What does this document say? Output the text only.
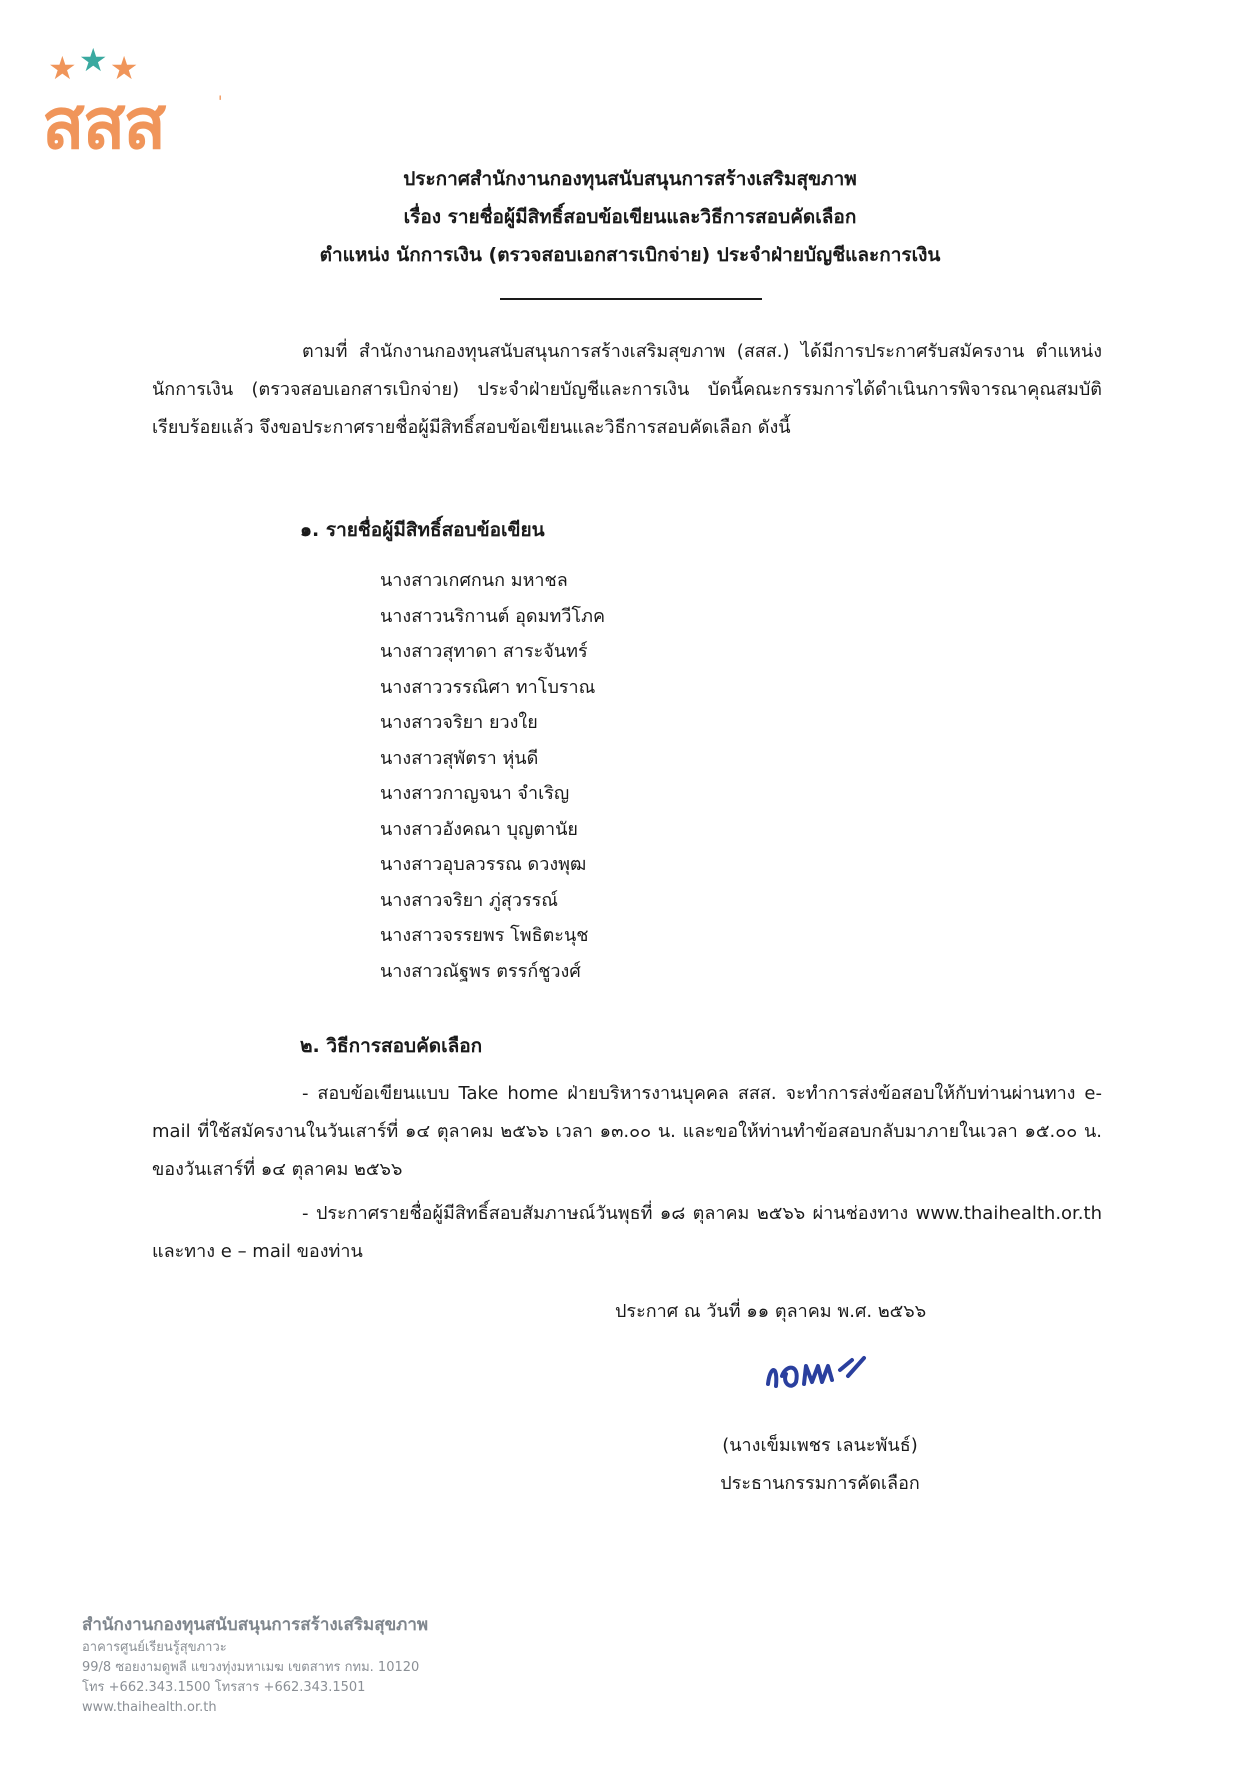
★ ★ ★
สสส	'
ประกาศสำนักงานกองทุนสนับสนุนการสร้างเสริมสุขภาพ
เรื่อง รายชื่อผู้มีสิทธิ์สอบข้อเขียนและวิธีการสอบคัดเลือก
ตำแหน่ง นักการเงิน (ตรวจสอบเอกสารเบิกจ่าย) ประจำฝ่ายบัญชีและการเงิน
ตามที่ สำนักงานกองทุนสนับสนุนการสร้างเสริมสุขภาพ (สสส.) ได้มีการประกาศรับสมัครงาน ตำแหน่ง นักการเงิน (ตรวจสอบเอกสารเบิกจ่าย) ประจำฝ่ายบัญชีและการเงิน บัดนี้คณะกรรมการได้ดำเนินการพิจารณาคุณสมบัติเรียบร้อยแล้ว จึงขอประกาศรายชื่อผู้มีสิทธิ์สอบข้อเขียนและวิธีการสอบคัดเลือก ดังนี้
๑. รายชื่อผู้มีสิทธิ์สอบข้อเขียน
นางสาวเกศกนก มหาชล
นางสาวนริกานต์ อุดมทวีโภค
นางสาวสุทาดา สาระจันทร์
นางสาววรรณิศา ทาโบราณ
นางสาวจริยา ยวงใย
นางสาวสุพัตรา หุ่นดี
นางสาวกาญจนา จำเริญ
นางสาวอังคณา บุญตานัย
นางสาวอุบลวรรณ ดวงพุฒ
นางสาวจริยา ภู่สุวรรณ์
นางสาวจรรยพร โพธิตะนุช
นางสาวณัฐพร ตรรก์ชูวงศ์
๒. วิธีการสอบคัดเลือก
- สอบข้อเขียนแบบ Take home ฝ่ายบริหารงานบุคคล สสส. จะทำการส่งข้อสอบให้กับท่านผ่านทาง e-mail ที่ใช้สมัครงานในวันเสาร์ที่ ๑๔ ตุลาคม ๒๕๖๖ เวลา ๑๓.๐๐ น. และขอให้ท่านทำข้อสอบกลับมาภายในเวลา ๑๕.๐๐ น. ของวันเสาร์ที่ ๑๔ ตุลาคม ๒๕๖๖
- ประกาศรายชื่อผู้มีสิทธิ์สอบสัมภาษณ์วันพุธที่ ๑๘ ตุลาคม ๒๕๖๖ ผ่านช่องทาง www.thaihealth.or.th และทาง e – mail ของท่าน
ประกาศ ณ วันที่ ๑๑ ตุลาคม พ.ศ. ๒๕๖๖
(นางเข็มเพชร เลนะพันธ์)
ประธานกรรมการคัดเลือก
สำนักงานกองทุนสนับสนุนการสร้างเสริมสุขภาพ
อาคารศูนย์เรียนรู้สุขภาวะ
99/8 ซอยงามดูพลี แขวงทุ่งมหาเมฆ เขตสาทร กทม. 10120
โทร +662.343.1500 โทรสาร +662.343.1501
www.thaihealth.or.th
